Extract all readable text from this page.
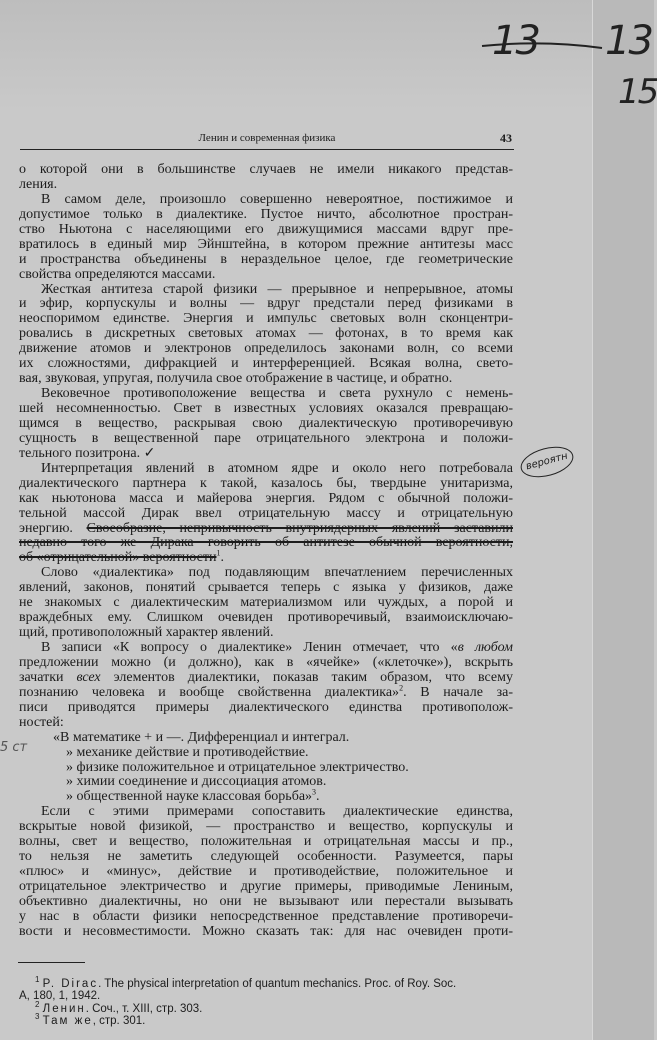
13 13
15
вероятн
5 ст
Ленин и современная физика	43
о которой они в большинстве случаев не имели никакого представ-
ления.
В самом деле, произошло совершенно невероятное, постижимое и
допустимое только в диалектике. Пустое ничто, абсолютное простран-
ство Ньютона с населяющими его движущимися массами вдруг пре-
вратилось в единый мир Эйнштейна, в котором прежние антитезы масс
и пространства объединены в нераздельное целое, где геометрические
свойства определяются массами.
Жесткая антитеза старой физики — прерывное и непрерывное, атомы
и эфир, корпускулы и волны — вдруг предстали перед физиками в
неоспоримом единстве. Энергия и импульс световых волн сконцентри-
ровались в дискретных световых атомах — фотонах, в то время как
движение атомов и электронов определилось законами волн, со всеми
их сложностями, дифракцией и интерференцией. Всякая волна, свето-
вая, звуковая, упругая, получила свое отображение в частице, и обратно.
Вековечное противоположение вещества и света рухнуло с немень-
шей несомненностью. Свет в известных условиях оказался превращаю-
щимся в вещество, раскрывая свою диалектическую противоречивую
сущность в вещественной паре отрицательного электрона и положи-
тельного позитрона. ✓
Интерпретация явлений в атомном ядре и около него потребовала
диалектического партнера к такой, казалось бы, твердыне унитаризма,
как ньютонова масса и майерова энергия. Рядом с обычной положи-
тельной массой Дирак ввел отрицательную массу и отрицательную
энергию. Своеобразие, непривычность внутриядерных явлений заставили
недавно того же Дирака говорить об антитезе обычной вероятности,
об «отрицательной» вероятности$^1$.
Слово «диалектика» под подавляющим впечатлением перечисленных
явлений, законов, понятий срывается теперь с языка у физиков, даже
не знакомых с диалектическим материализмом или чуждых, а порой и
враждебных ему. Слишком очевиден противоречивый, взаимоисключаю-
щий, противоположный характер явлений.
В записи «К вопросу о диалектике» Ленин отмечает, что «в любом
предложении можно (и должно), как в «ячейке» («клеточке»), вскрыть
зачатки всех элементов диалектики, показав таким образом, что всему
познанию человека и вообще свойственна диалектика»$^2$. В начале за-
писи приводятся примеры диалектического единства противополож-
ностей:
«В математике + и —. Дифференциал и интеграл.
» механике действие и противодействие.
» физике положительное и отрицательное электричество.
» химии соединение и диссоциация атомов.
» общественной науке классовая борьба»$^3$.
Если с этими примерами сопоставить диалектические единства,
вскрытые новой физикой, — пространство и вещество, корпускулы и
волны, свет и вещество, положительная и отрицательная массы и пр.,
то нельзя не заметить следующей особенности. Разумеется, пары
«плюс» и «минус», действие и противодействие, положительное и
отрицательное электричество и другие примеры, приводимые Лениным,
объективно диалектичны, но они не вызывают или перестали вызывать
у нас в области физики непосредственное представление противоречи-
вости и несовместимости. Можно сказать так: для нас очевиден проти-
$^1$ P. Dirac. The physical interpretation of quantum mechanics. Proc. of Roy. Soc.
A, 180, 1, 1942.
$^2$ Ленин. Соч., т. XIII, стр. 303.
$^3$ Там же, стр. 301.
